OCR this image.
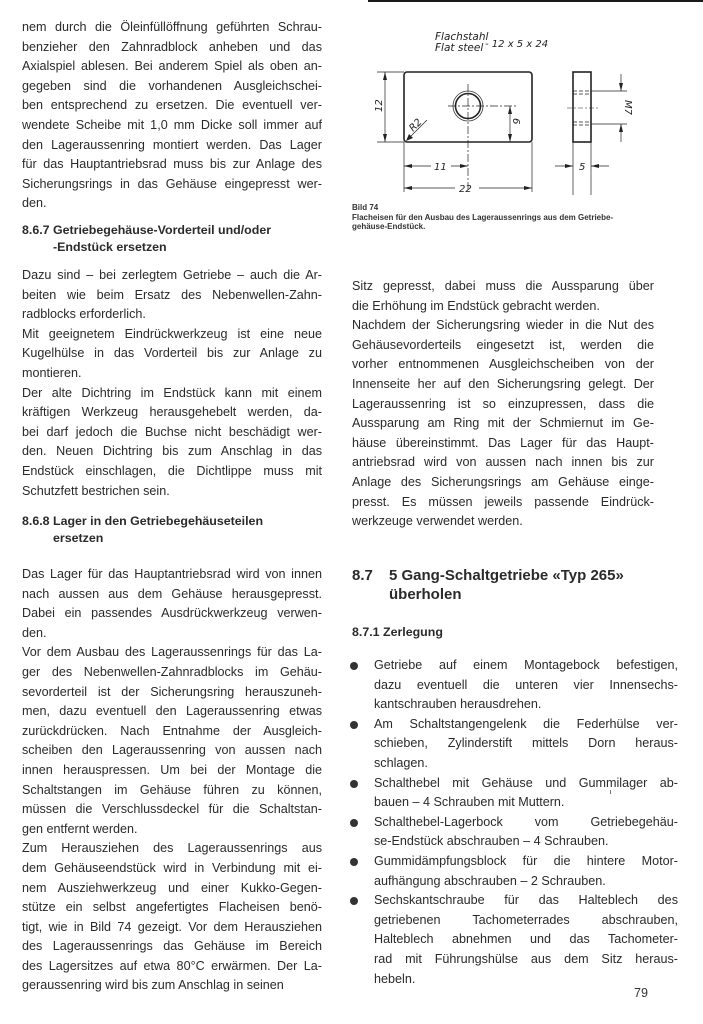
nem durch die Öleinfüllöffnung geführten Schrau-
benzieher den Zahnradblock anheben und das
Axialspiel ablesen. Bei anderem Spiel als oben an-
gegeben sind die vorhandenen Ausgleichschei-
ben entsprechend zu ersetzen. Die eventuell ver-
wendete Scheibe mit 1,0 mm Dicke soll immer auf
den Lageraussenring montiert werden. Das Lager
für das Hauptantriebsrad muss bis zur Anlage des
Sicherungsrings in das Gehäuse eingepresst wer-
den.

8.6.7 Getriebegehäuse-Vorderteil und/oder
-Endstück ersetzen

Dazu sind – bei zerlegtem Getriebe – auch die Ar-
beiten wie beim Ersatz des Nebenwellen-Zahn-
radblocks erforderlich.

Mit geeignetem Eindrückwerkzeug ist eine neue
Kugelhülse in das Vorderteil bis zur Anlage zu
montieren.

Der alte Dichtring im Endstück kann mit einem
kräftigen Werkzeug herausgehebelt werden, da-
bei darf jedoch die Buchse nicht beschädigt wer-
den. Neuen Dichtring bis zum Anschlag in das
Endstück einschlagen, die Dichtlippe muss mit
Schutzfett bestrichen sein.

8.6.8 Lager in den Getriebegehäuseteilen
ersetzen

Das Lager für das Hauptantriebsrad wird von innen
nach aussen aus dem Gehäuse herausgepresst.
Dabei ein passendes Ausdrückwerkzeug verwen-
den.

Vor dem Ausbau des Lageraussenrings für das La-
ger des Nebenwellen-Zahnradblocks im Gehäu-
sevorderteil ist der Sicherungsring herauszuneh-
men, dazu eventuell den Lageraussenring etwas
zurückdrücken. Nach Entnahme der Ausgleich-
scheiben den Lageraussenring von aussen nach
innen herauspressen. Um bei der Montage die
Schaltstangen im Gehäuse führen zu können,
müssen die Verschlussdeckel für die Schaltstan-
gen entfernt werden.

Zum Herausziehen des Lageraussenrings aus
dem Gehäuseendstück wird in Verbindung mit ei-
nem Ausziehwerkzeug und einer Kukko-Gegen-
stütze ein selbst angefertigtes Flacheisen benö-
tigt, wie in Bild 74 gezeigt. Vor dem Herausziehen
des Lageraussenrings das Gehäuse im Bereich
des Lagersitzes auf etwa 80°C erwärmen. Der La-
geraussenring wird bis zum Anschlag in seinen

Flachstahl
Flat steel - 12 x 5 x 24
12
R2	6
11
22
M7
5
Bild 74
Flacheisen für den Ausbau des Lageraussenrings aus dem Getriebe-
gehäuse-Endstück.

Sitz gepresst, dabei muss die Aussparung über
die Erhöhung im Endstück gebracht werden.

Nachdem der Sicherungsring wieder in die Nut des
Gehäusevorderteils eingesetzt ist, werden die
vorher entnommenen Ausgleichscheiben von der
Innenseite her auf den Sicherungsring gelegt. Der
Lageraussenring ist so einzupressen, dass die
Aussparung am Ring mit der Schmiernut im Ge-
häuse übereinstimmt. Das Lager für das Haupt-
antriebsrad wird von aussen nach innen bis zur
Anlage des Sicherungsrings am Gehäuse einge-
presst. Es müssen jeweils passende Eindrück-
werkzeuge verwendet werden.

8.7 5 Gang-Schaltgetriebe «Typ 265»
überholen
8.7.1 Zerlegung
Getriebe auf einem Montagebock befestigen,
dazu eventuell die unteren vier Innensechs-
kantschrauben herausdrehen.
Am Schaltstangengelenk die Federhülse ver-
schieben, Zylinderstift mittels Dorn heraus-
schlagen.
Schalthebel mit Gehäuse und Gummilager ab-
bauen – 4 Schrauben mit Muttern.
Schalthebel-Lagerbock vom Getriebegehäu-
se-Endstück abschrauben – 4 Schrauben.
Gummidämpfungsblock für die hintere Motor-
aufhängung abschrauben – 2 Schrauben.
Sechskantschraube für das Halteblech des
getriebenen Tachometerrades abschrauben,
Halteblech abnehmen und das Tachometer-
rad mit Führungshülse aus dem Sitz heraus-
hebeln.
79
